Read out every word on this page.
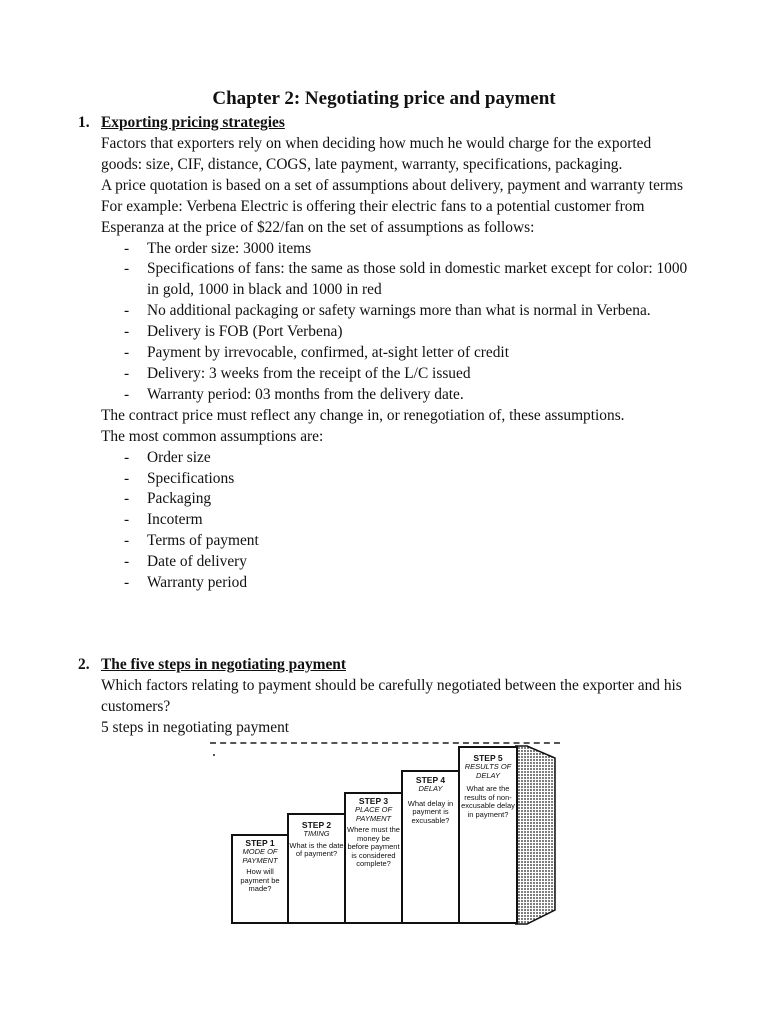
Chapter 2: Negotiating price and payment
1. Exporting pricing strategies

Factors that exporters rely on when deciding how much he would charge for the exported goods: size, CIF, distance, COGS, late payment, warranty, specifications, packaging.

A price quotation is based on a set of assumptions about delivery, payment and warranty terms

For example: Verbena Electric is offering their electric fans to a potential customer from Esperanza at the price of $22/fan on the set of assumptions as follows:

- The order size: 3000 items
- Specifications of fans: the same as those sold in domestic market except for color: 1000 in gold, 1000 in black and 1000 in red
- No additional packaging or safety warnings more than what is normal in Verbena.
- Delivery is FOB (Port Verbena)
- Payment by irrevocable, confirmed, at-sight letter of credit
- Delivery: 3 weeks from the receipt of the L/C issued
- Warranty period: 03 months from the delivery date.

The contract price must reflect any change in, or renegotiation of, these assumptions.

The most common assumptions are:

- Order size
- Specifications
- Packaging
- Incoterm
- Terms of payment
- Date of delivery
- Warranty period
2. The five steps in negotiating payment

Which factors relating to payment should be carefully negotiated between the exporter and his customers?

5 steps in negotiating payment

STEP 1
MODE OF PAYMENT
How will payment be made?
STEP 2
TIMING
What is the date of payment?
STEP 3
PLACE OF PAYMENT
Where must the money be before payment is considered complete?
STEP 4
DELAY
What delay in payment is excusable?
STEP 5
RESULTS OF DELAY
What are the results of non-excusable delay in payment?
